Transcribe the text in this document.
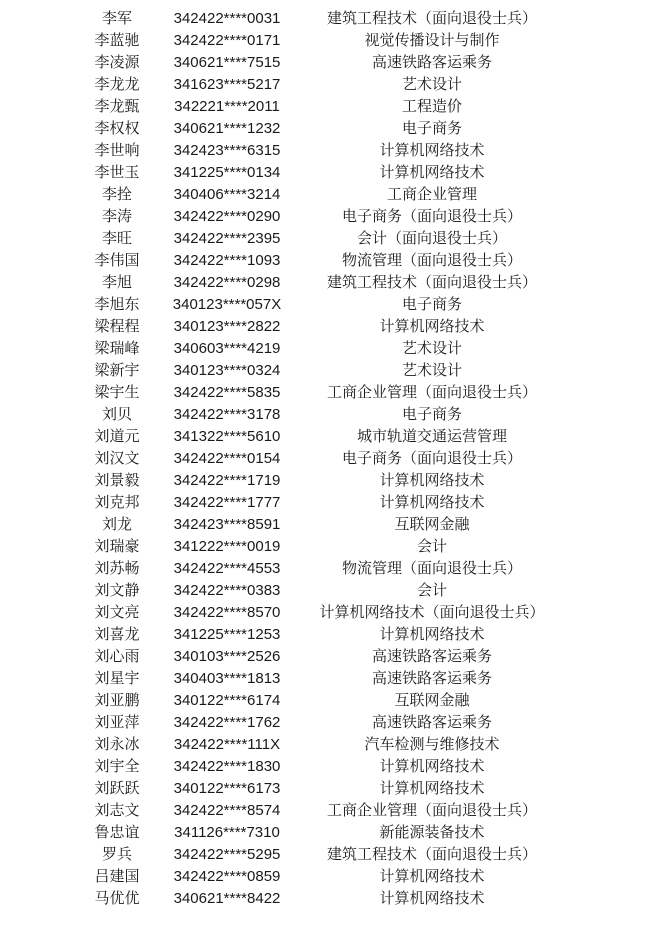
李军	342422****0031	建筑工程技术（面向退役士兵）
李蓝驰	342422****0171	视觉传播设计与制作
李凌源	340621****7515	高速铁路客运乘务
李龙龙	341623****5217	艺术设计
李龙甄	342221****2011	工程造价
李权权	340621****1232	电子商务
李世响	342423****6315	计算机网络技术
李世玉	341225****0134	计算机网络技术
李拴	340406****3214	工商企业管理
李涛	342422****0290	电子商务（面向退役士兵）
李旺	342422****2395	会计（面向退役士兵）
李伟国	342422****1093	物流管理（面向退役士兵）
李旭	342422****0298	建筑工程技术（面向退役士兵）
李旭东	340123****057X	电子商务
梁程程	340123****2822	计算机网络技术
梁瑞峰	340603****4219	艺术设计
梁新宇	340123****0324	艺术设计
梁宇生	342422****5835	工商企业管理（面向退役士兵）
刘贝	342422****3178	电子商务
刘道元	341322****5610	城市轨道交通运营管理
刘汉文	342422****0154	电子商务（面向退役士兵）
刘景毅	342422****1719	计算机网络技术
刘克邦	342422****1777	计算机网络技术
刘龙	342423****8591	互联网金融
刘瑞豪	341222****0019	会计
刘苏畅	342422****4553	物流管理（面向退役士兵）
刘文静	342422****0383	会计
刘文亮	342422****8570	计算机网络技术（面向退役士兵）
刘喜龙	341225****1253	计算机网络技术
刘心雨	340103****2526	高速铁路客运乘务
刘星宇	340403****1813	高速铁路客运乘务
刘亚鹏	340122****6174	互联网金融
刘亚萍	342422****1762	高速铁路客运乘务
刘永冰	342422****111X	汽车检测与维修技术
刘宇全	342422****1830	计算机网络技术
刘跃跃	340122****6173	计算机网络技术
刘志文	342422****8574	工商企业管理（面向退役士兵）
鲁忠谊	341126****7310	新能源装备技术
罗兵	342422****5295	建筑工程技术（面向退役士兵）
吕建国	342422****0859	计算机网络技术
马优优	340621****8422	计算机网络技术
